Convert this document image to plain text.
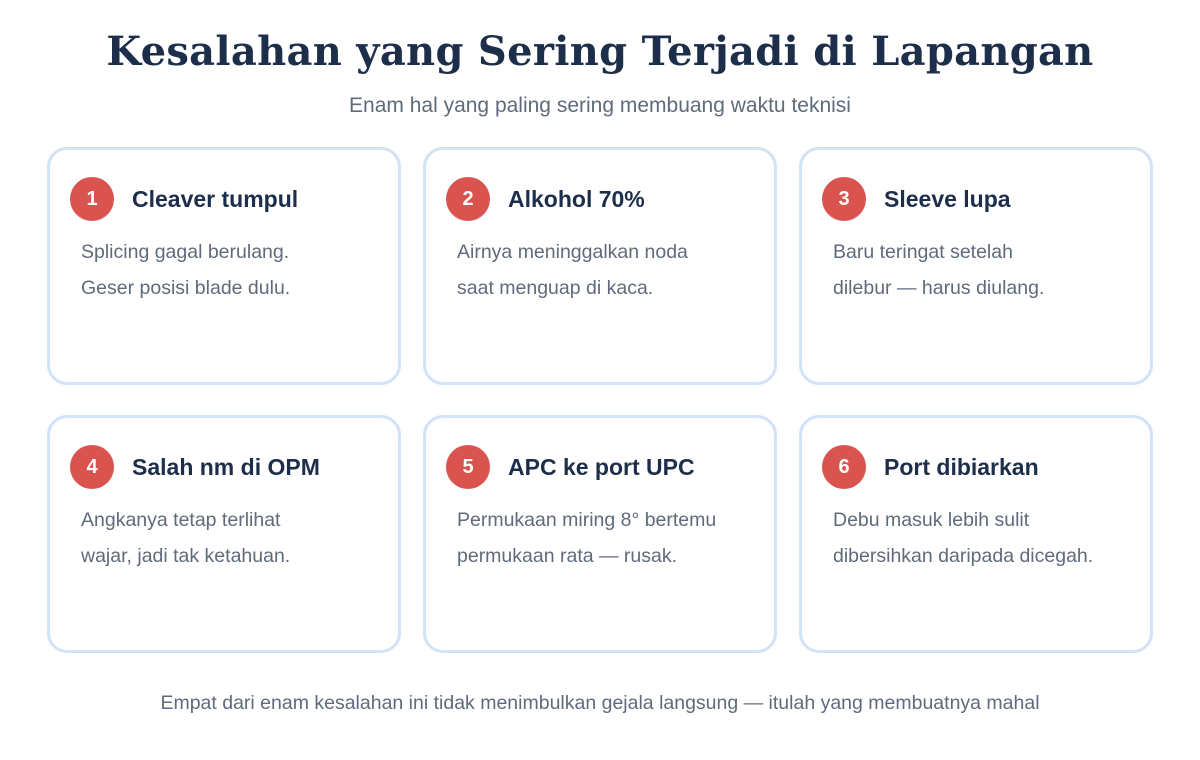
Kesalahan yang Sering Terjadi di Lapangan
Enam hal yang paling sering membuang waktu teknisi
1	Cleaver tumpul
Splicing gagal berulang.
Geser posisi blade dulu.
2	Alkohol 70%
Airnya meninggalkan noda
saat menguap di kaca.
3	Sleeve lupa
Baru teringat setelah
dilebur — harus diulang.
4	Salah nm di OPM
Angkanya tetap terlihat
wajar, jadi tak ketahuan.
5	APC ke port UPC
Permukaan miring 8° bertemu
permukaan rata — rusak.
6	Port dibiarkan
Debu masuk lebih sulit
dibersihkan daripada dicegah.
Empat dari enam kesalahan ini tidak menimbulkan gejala langsung — itulah yang membuatnya mahal
